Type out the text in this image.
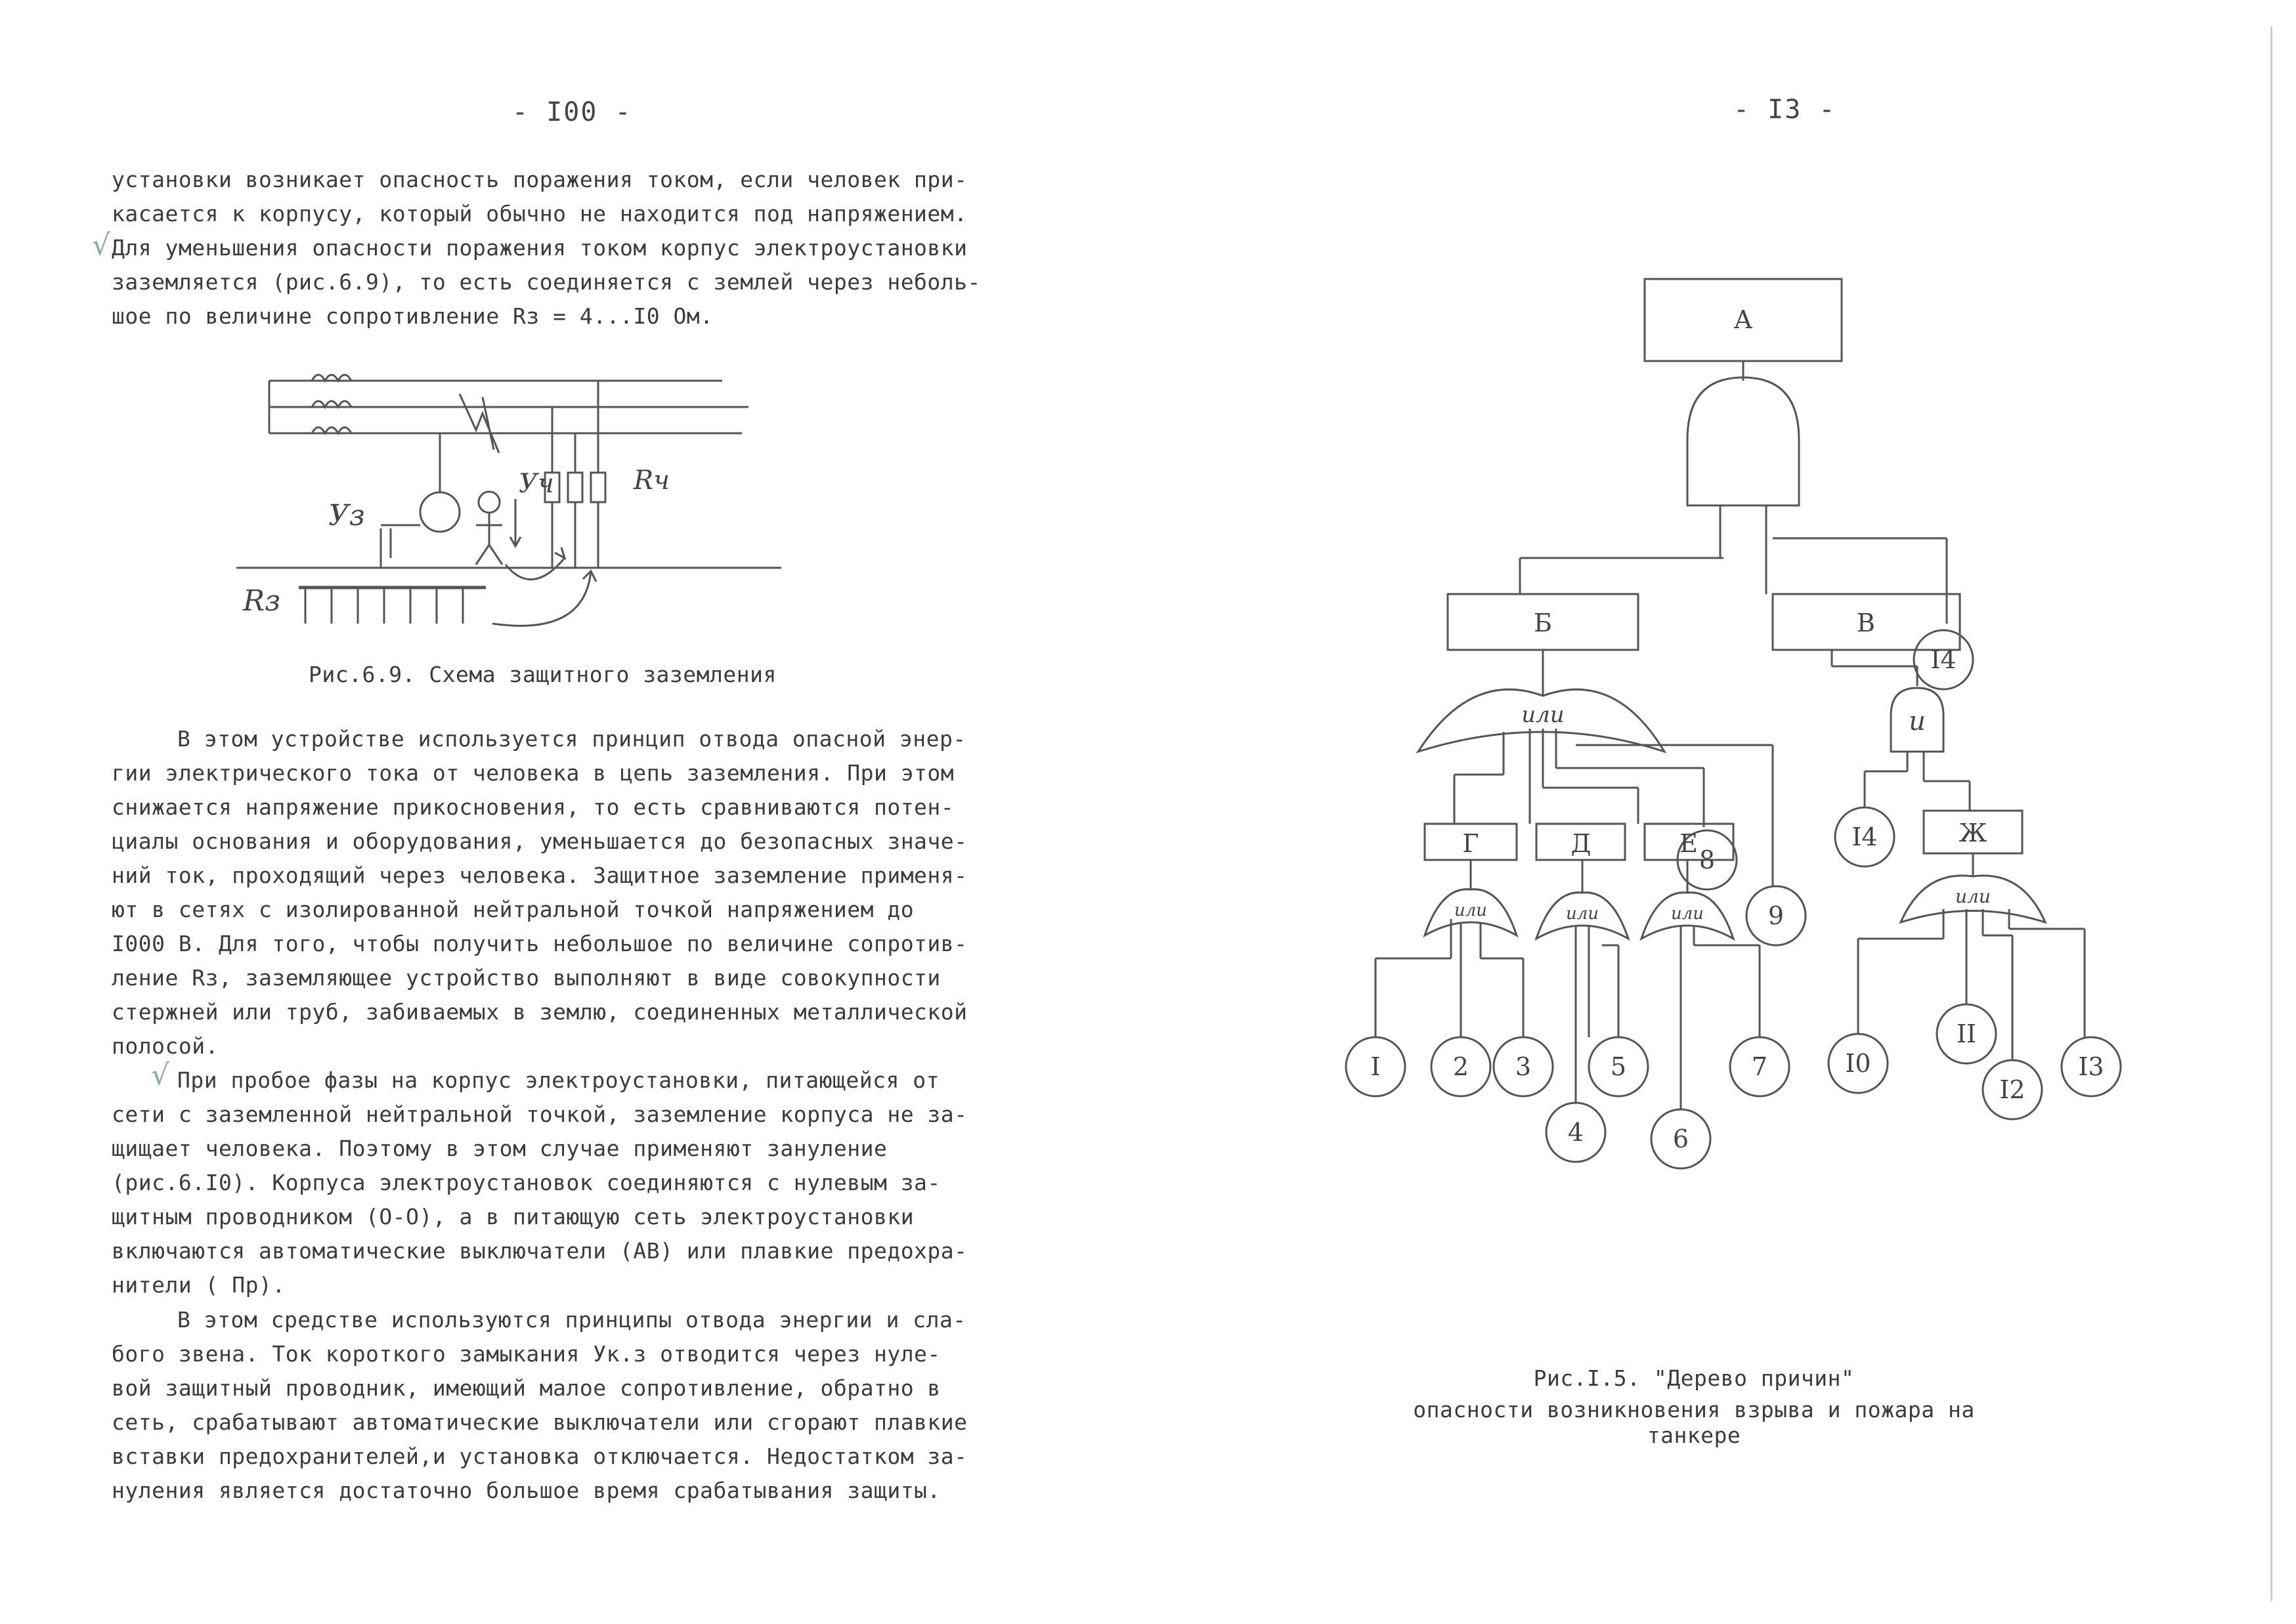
- І00 -

установки возникает опасность поражения током, если человек при-

касается к корпусу, который обычно не находится под напряжением.

Для уменьшения опасности поражения током корпус электроустановки

заземляется (рис.6.9), то есть соединяется с землей через неболь-

шое по величине сопротивление Rз = 4...І0 Ом.

√
Уз
Уч	Rч
Rз
Рис.6.9. Схема защитного заземления

В этом устройстве используется принцип отвода опасной энер-

гии электрического тока от человека в цепь заземления. При этом

снижается напряжение прикосновения, то есть сравниваются потен-

циалы основания и оборудования, уменьшается до безопасных значе-

ний ток, проходящий через человека. Защитное заземление применя-

ют в сетях с изолированной нейтральной точкой напряжением до

І000 В. Для того, чтобы получить небольшое по величине сопротив-

ление Rз, заземляющее устройство выполняют в виде совокупности

стержней или труб, забиваемых в землю, соединенных металлической

полосой.

При пробое фазы на корпус электроустановки, питающейся от

сети с заземленной нейтральной точкой, заземление корпуса не за-

щищает человека. Поэтому в этом случае применяют зануление

(рис.6.І0). Корпуса электроустановок соединяются с нулевым за-

щитным проводником (О-О), а в питающую сеть электроустановки

включаются автоматические выключатели (АВ) или плавкие предохра-

нители ( Пр).

√

В этом средстве используются принципы отвода энергии и сла-

бого звена. Ток короткого замыкания Ук.з отводится через нуле-

вой защитный проводник, имеющий малое сопротивление, обратно в

сеть, срабатывают автоматические выключатели или сгорают плавкие

вставки предохранителей,и установка отключается. Недостатком за-

нуления является достаточно большое время срабатывания защиты.

- І3 -
А
Б	В
Г	Д	Е	Ж
или
или	или	или
или
и
І	2 3
4
5
6
7
8
9
І0
ІІ
І2
І3
І4
І4
Рис.І.5. "Дерево причин"
опасности возникновения взрыва и пожара на танкере
